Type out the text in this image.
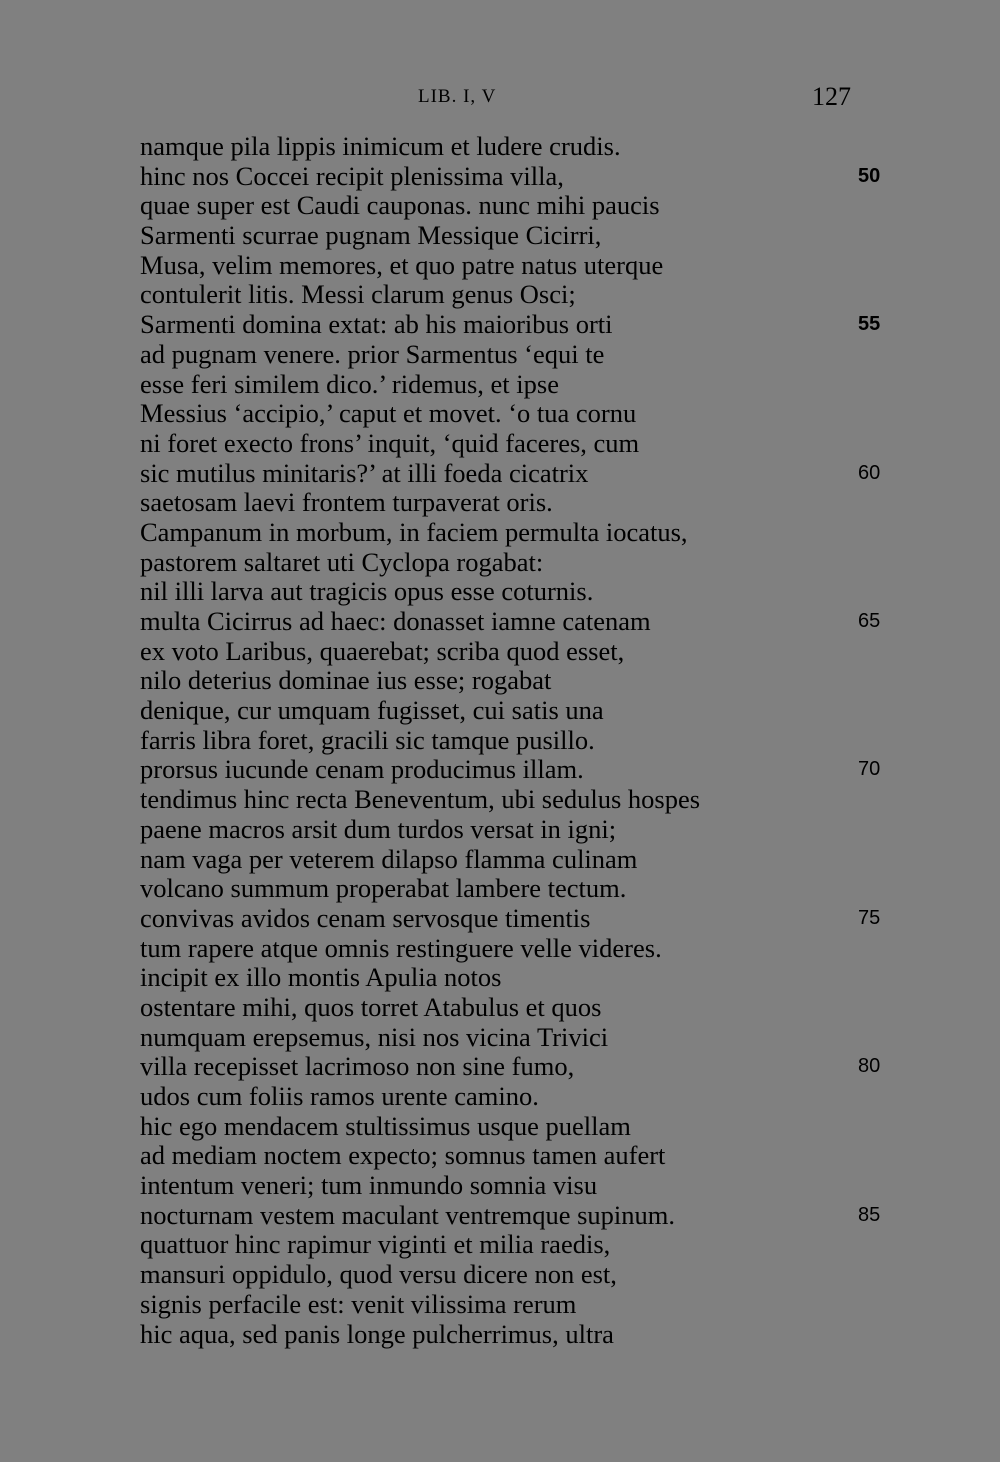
LIB. I, V	127
namque pila lippis inimicum et ludere crudis.
hinc nos Coccei recipit plenissima villa,	50
quae super est Caudi cauponas. nunc mihi paucis
Sarmenti scurrae pugnam Messique Cicirri,
Musa, velim memores, et quo patre natus uterque
contulerit litis. Messi clarum genus Osci;
Sarmenti domina extat: ab his maioribus orti	55
ad pugnam venere. prior Sarmentus ‘equi te
esse feri similem dico.’ ridemus, et ipse
Messius ‘accipio,’ caput et movet. ‘o tua cornu
ni foret execto frons’ inquit, ‘quid faceres, cum
sic mutilus minitaris?’ at illi foeda cicatrix	60
saetosam laevi frontem turpaverat oris.
Campanum in morbum, in faciem permulta iocatus,
pastorem saltaret uti Cyclopa rogabat:
nil illi larva aut tragicis opus esse coturnis.
multa Cicirrus ad haec: donasset iamne catenam	65
ex voto Laribus, quaerebat; scriba quod esset,
nilo deterius dominae ius esse; rogabat
denique, cur umquam fugisset, cui satis una
farris libra foret, gracili sic tamque pusillo.
prorsus iucunde cenam producimus illam.	70
tendimus hinc recta Beneventum, ubi sedulus hospes
paene macros arsit dum turdos versat in igni;
nam vaga per veterem dilapso flamma culinam
volcano summum properabat lambere tectum.
convivas avidos cenam servosque timentis	75
tum rapere atque omnis restinguere velle videres.
incipit ex illo montis Apulia notos
ostentare mihi, quos torret Atabulus et quos
numquam erepsemus, nisi nos vicina Trivici
villa recepisset lacrimoso non sine fumo,	80
udos cum foliis ramos urente camino.
hic ego mendacem stultissimus usque puellam
ad mediam noctem expecto; somnus tamen aufert
intentum veneri; tum inmundo somnia visu
nocturnam vestem maculant ventremque supinum.	85
quattuor hinc rapimur viginti et milia raedis,
mansuri oppidulo, quod versu dicere non est,
signis perfacile est: venit vilissima rerum
hic aqua, sed panis longe pulcherrimus, ultra
